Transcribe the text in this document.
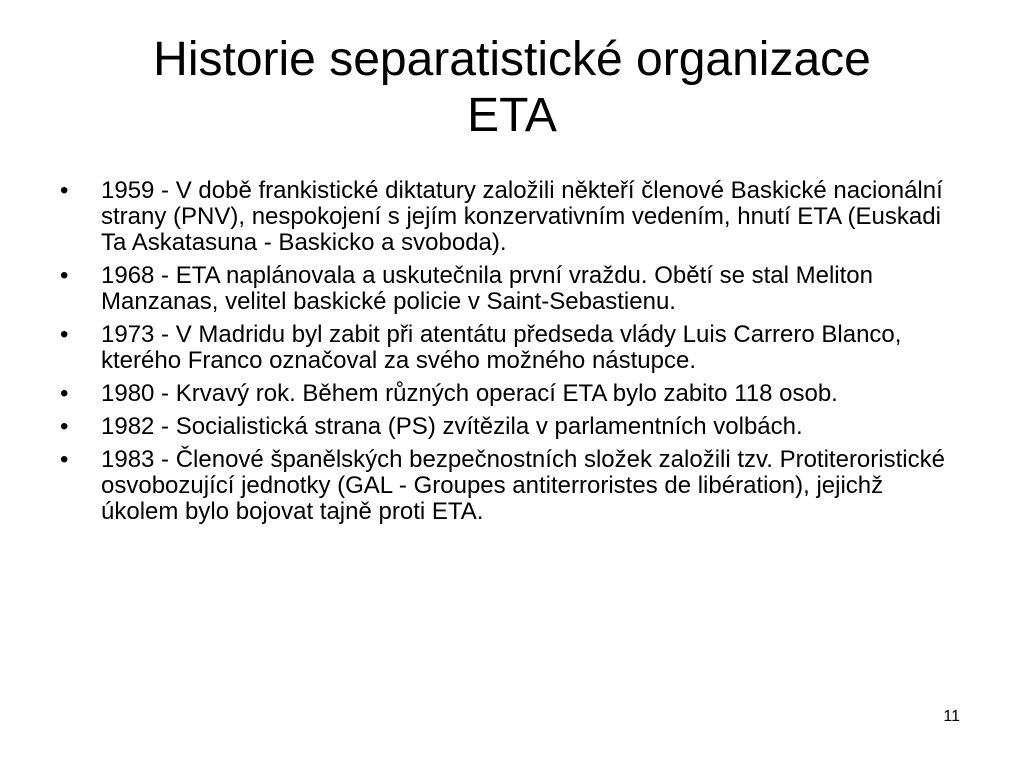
Historie separatistické organizace
ETA
•	1959 - V době frankistické diktatury založili někteří členové Baskické nacionální strany (PNV), nespokojení s jejím konzervativním vedením, hnutí ETA (Euskadi Ta Askatasuna - Baskicko a svoboda).
•	1968 - ETA naplánovala a uskutečnila první vraždu. Obětí se stal Meliton Manzanas, velitel baskické policie v Saint-Sebastienu.
•	1973 - V Madridu byl zabit při atentátu předseda vlády Luis Carrero Blanco, kterého Franco označoval za svého možného nástupce.
•	1980 - Krvavý rok. Během různých operací ETA bylo zabito 118 osob.
•	1982 - Socialistická strana (PS) zvítězila v parlamentních volbách.
•	1983 - Členové španělských bezpečnostních složek založili tzv. Protiteroristické osvobozující jednotky (GAL - Groupes antiterroristes de libération), jejichž úkolem bylo bojovat tajně proti ETA.
11
